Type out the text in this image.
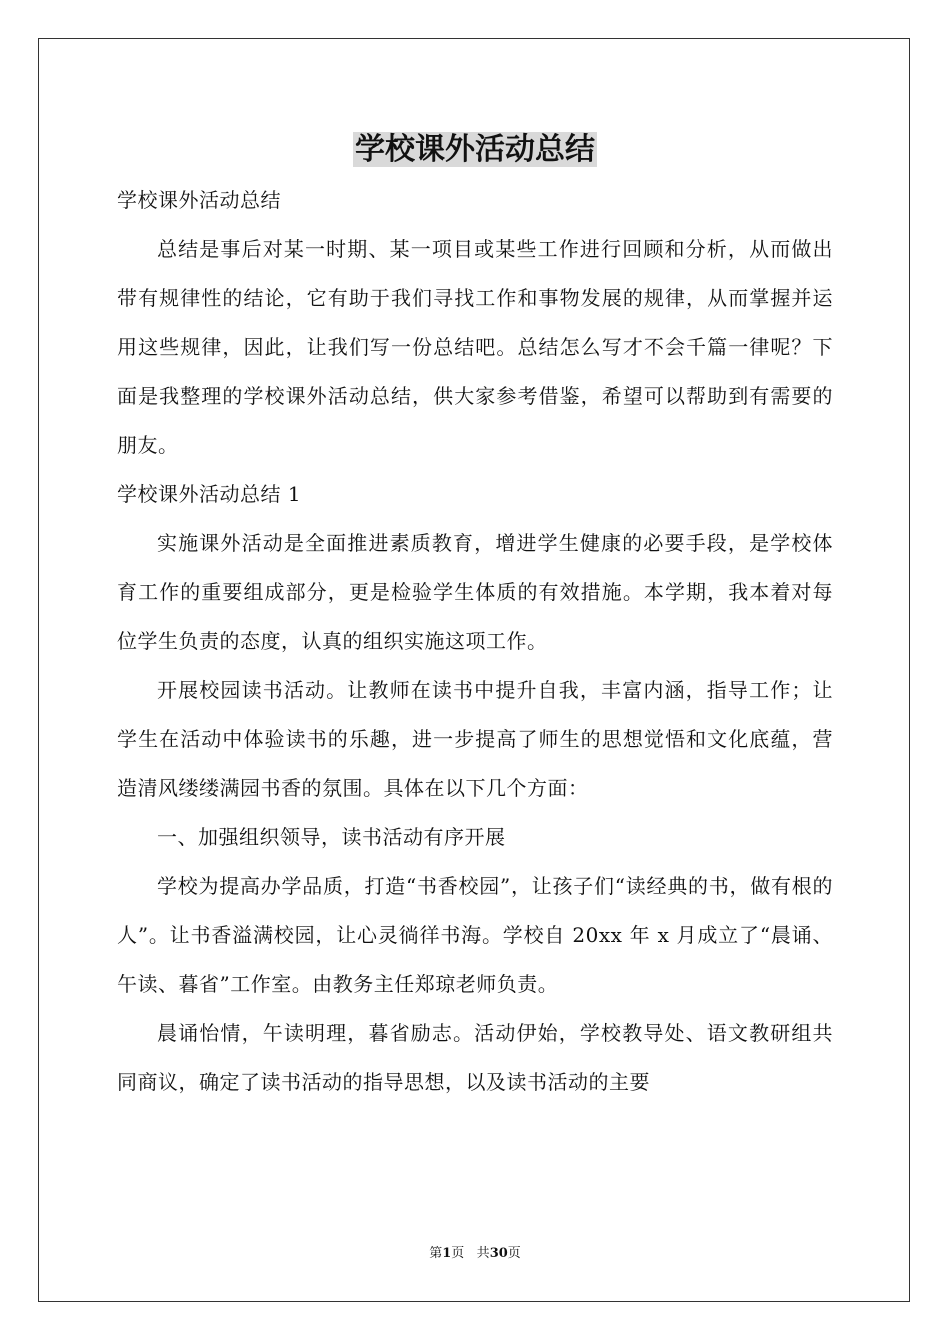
学校课外活动总结

学校课外活动总结

总结是事后对某一时期、某一项目或某些工作进行回顾和分析，从而做出带有规律性的结论，它有助于我们寻找工作和事物发展的规律，从而掌握并运用这些规律，因此，让我们写一份总结吧。总结怎么写才不会千篇一律呢？下面是我整理的学校课外活动总结，供大家参考借鉴，希望可以帮助到有需要的朋友。

学校课外活动总结 1

实施课外活动是全面推进素质教育，增进学生健康的必要手段，是学校体育工作的重要组成部分，更是检验学生体质的有效措施。本学期，我本着对每位学生负责的态度，认真的组织实施这项工作。

开展校园读书活动。让教师在读书中提升自我，丰富内涵，指导工作；让学生在活动中体验读书的乐趣，进一步提高了师生的思想觉悟和文化底蕴，营造清风缕缕满园书香的氛围。具体在以下几个方面：

一、加强组织领导，读书活动有序开展

学校为提高办学品质，打造“书香校园”，让孩子们“读经典的书，做有根的人”。让书香溢满校园，让心灵徜徉书海。学校自 20xx 年 x 月成立了“晨诵、午读、暮省”工作室。由教务主任郑琼老师负责。

晨诵怡情，午读明理，暮省励志。活动伊始，学校教导处、语文教研组共同商议，确定了读书活动的指导思想，以及读书活动的主要

第1页 共30页
